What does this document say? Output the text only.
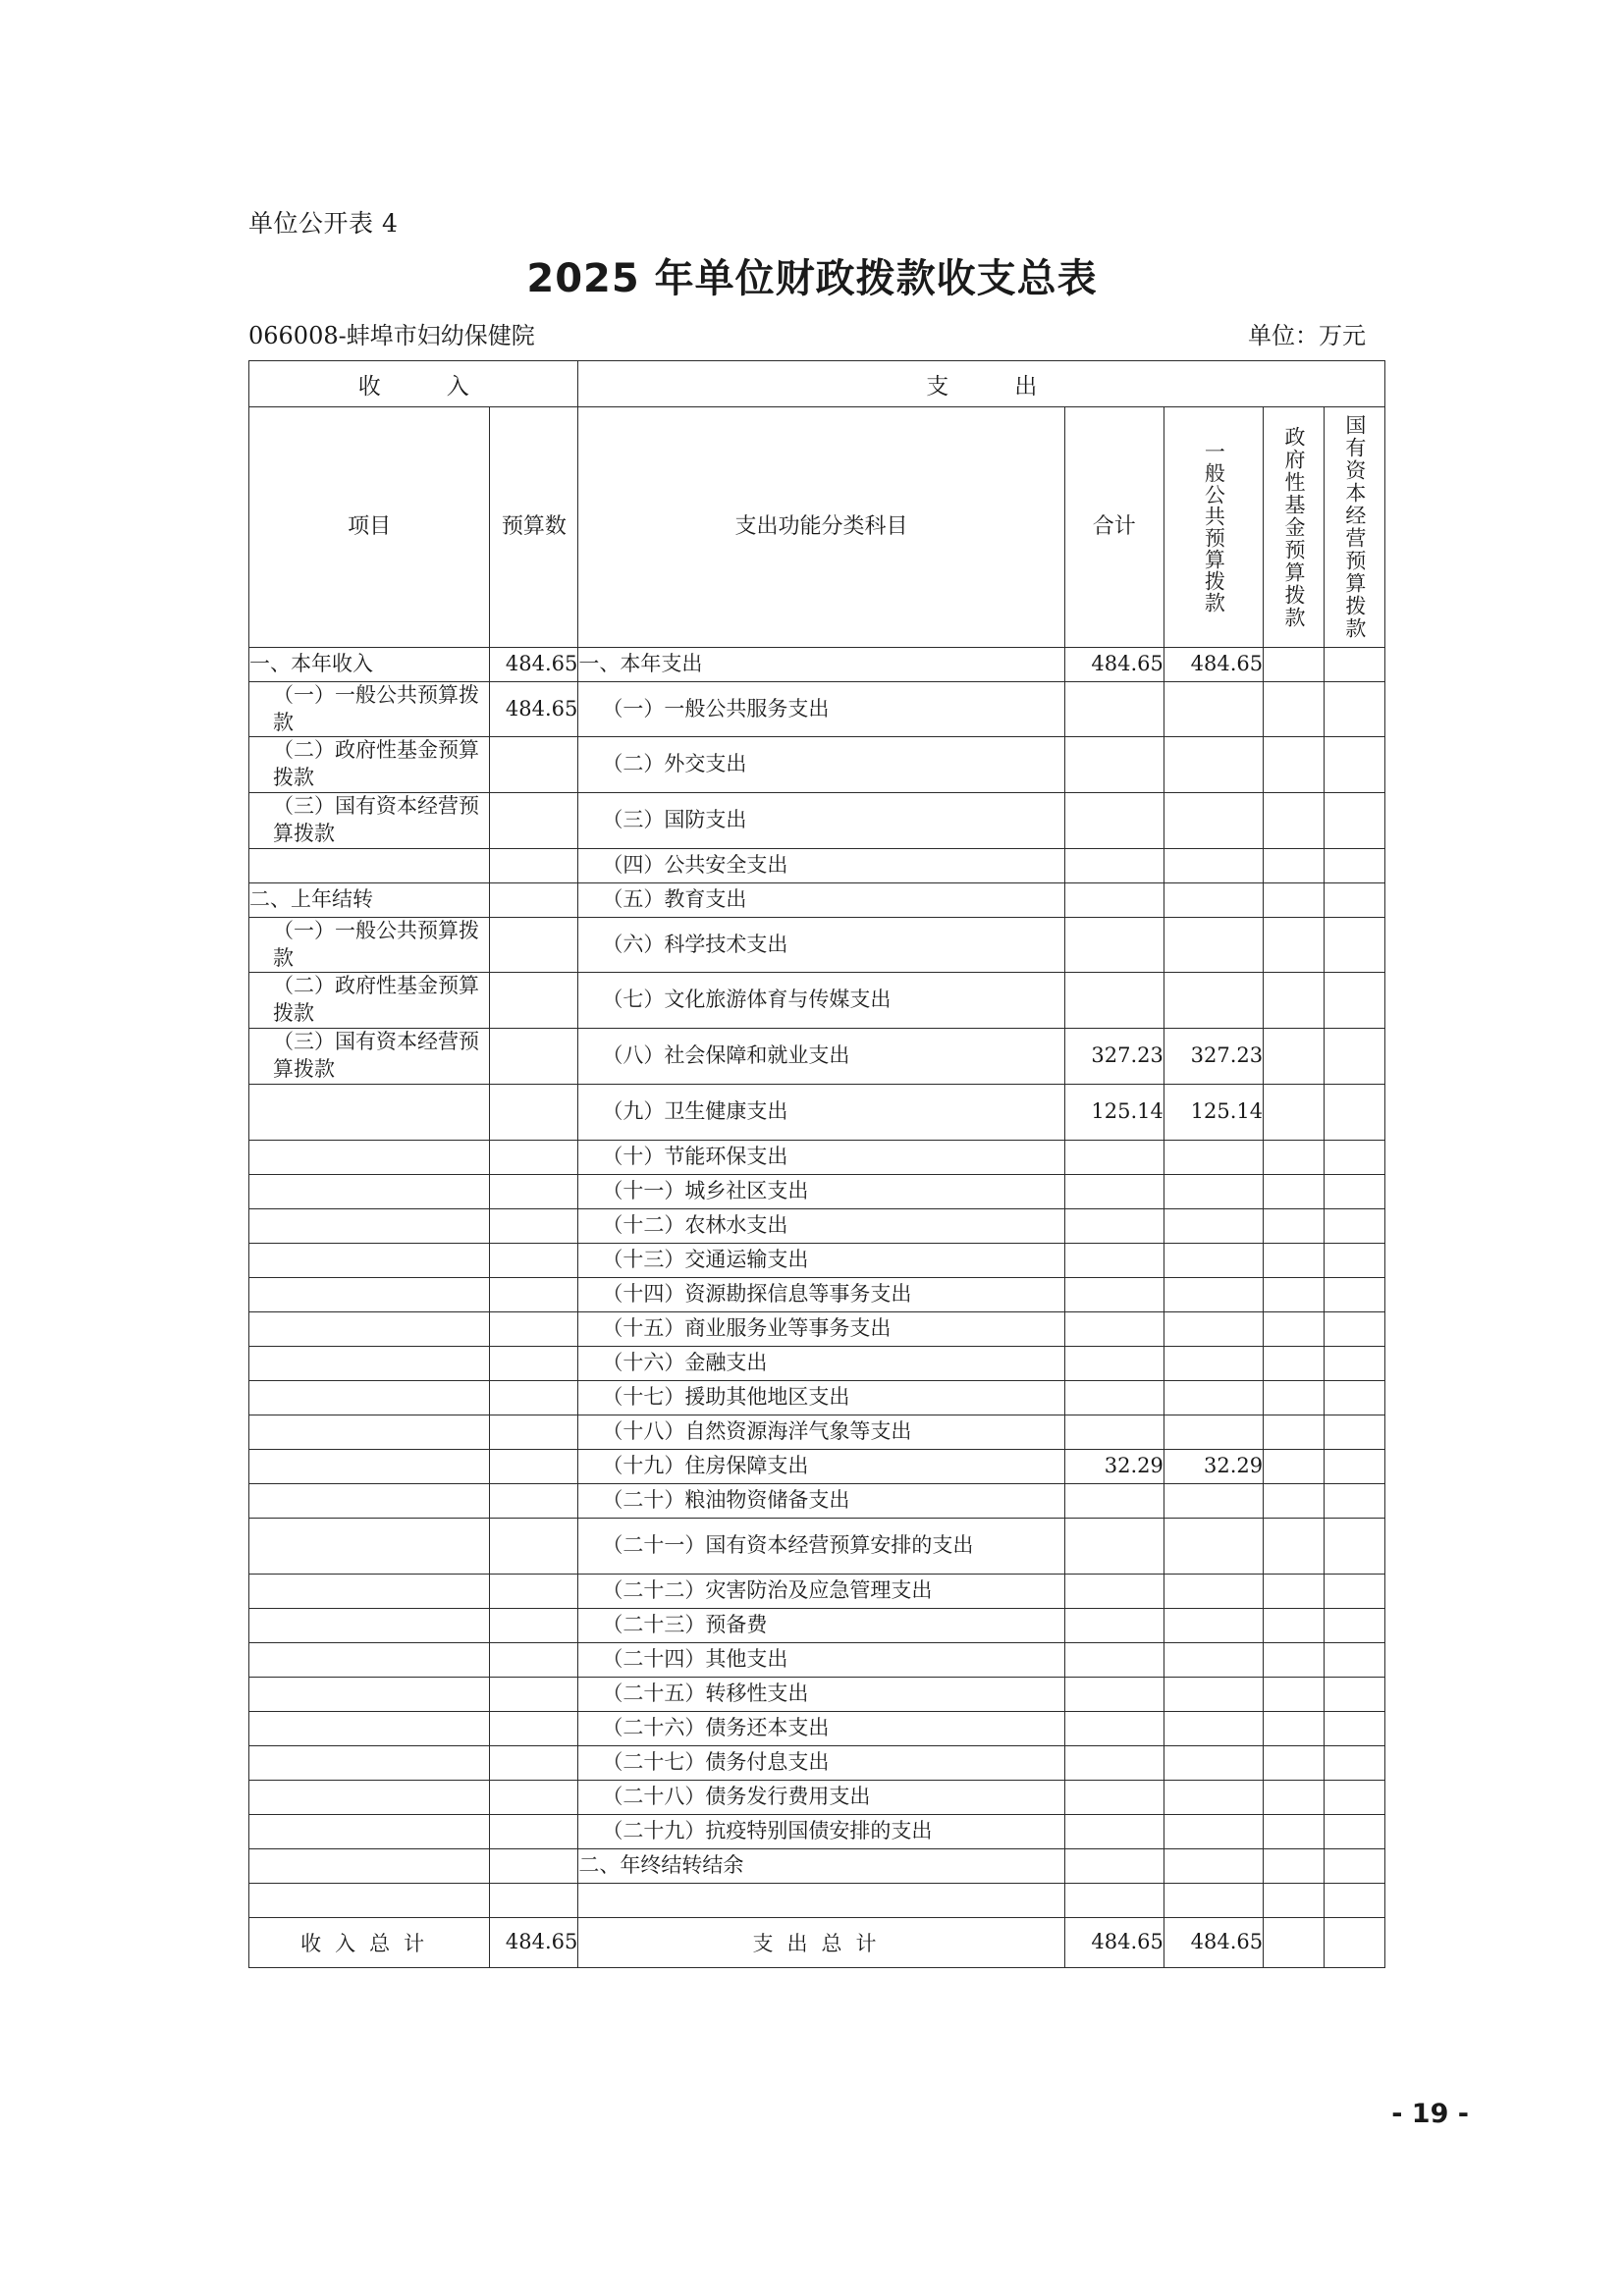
单位公开表 4
2025 年单位财政拨款收支总表
066008-蚌埠市妇幼保健院	单位：万元
收　入		支　出				
项目	预算数	支出功能分类科目	合计	一般公共预算拨款	政府性基金预算拨款	国有资本经营预算拨款

一、本年收入	484.65	一、本年支出	484.65	484.65		
（一）一般公共预算拨款	484.65	（一）一般公共服务支出				
（二）政府性基金预算拨款		（二）外交支出				
（三）国有资本经营预算拨款		（三）国防支出				
		（四）公共安全支出				
二、上年结转		（五）教育支出				
（一）一般公共预算拨款		（六）科学技术支出				
（二）政府性基金预算拨款		（七）文化旅游体育与传媒支出				
（三）国有资本经营预算拨款		（八）社会保障和就业支出	327.23	327.23		
		（九）卫生健康支出	125.14	125.14		
		（十）节能环保支出				
		（十一）城乡社区支出				
		（十二）农林水支出				
		（十三）交通运输支出				
		（十四）资源勘探信息等事务支出				
		（十五）商业服务业等事务支出				
		（十六）金融支出				
		（十七）援助其他地区支出				
		（十八）自然资源海洋气象等支出				
		（十九）住房保障支出	32.29	32.29		
		（二十）粮油物资储备支出				
		（二十一）国有资本经营预算安排的支出				
		（二十二）灾害防治及应急管理支出				
		（二十三）预备费				
		（二十四）其他支出				
		（二十五）转移性支出				
		（二十六）债务还本支出				
		（二十七）债务付息支出				
		（二十八）债务发行费用支出				
		（二十九）抗疫特别国债安排的支出				
		二、年终结转结余				

收入总计	484.65	支出总计	484.65	484.65		
- 19 -
